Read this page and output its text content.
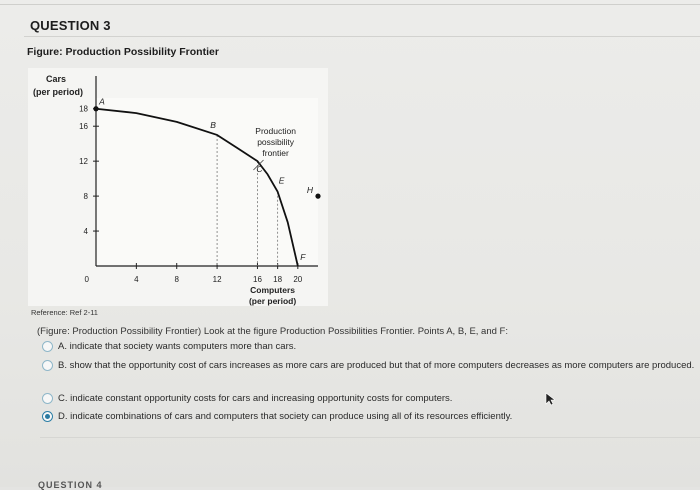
QUESTION 3
Figure: Production Possibility Frontier
Cars
(per period)
4
8
12
16
18
0	4	8	12	16 18 20
Computers
(per period)
Production
possibility
frontier
A
B
C
E
F
H
Reference: Ref 2-11
(Figure: Production Possibility Frontier) Look at the figure Production Possibilities Frontier. Points A, B, E, and F:
A. indicate that society wants computers more than cars.
B. show that the opportunity cost of cars increases as more cars are produced but that of more computers decreases as more computers are produced.
C. indicate constant opportunity costs for cars and increasing opportunity costs for computers.
D. indicate combinations of cars and computers that society can produce using all of its resources efficiently.
QUESTION 4
